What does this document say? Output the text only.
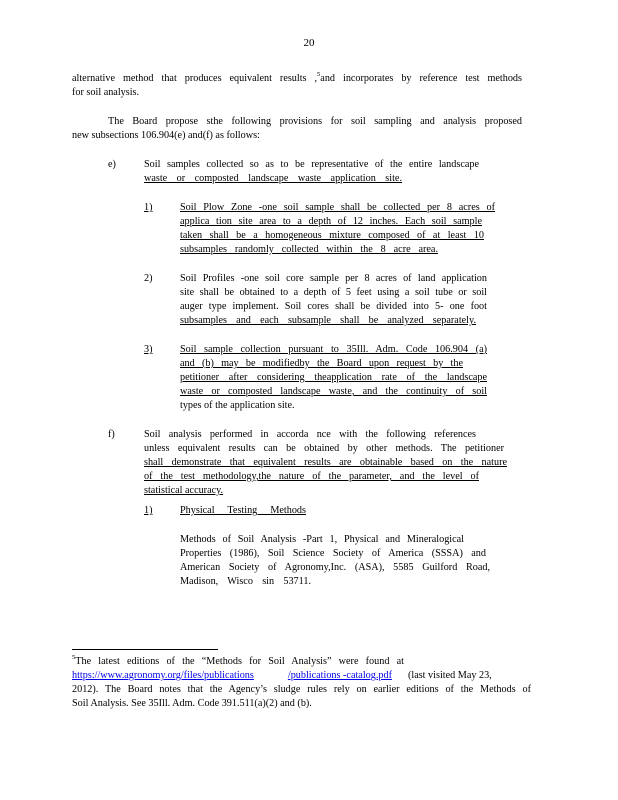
20
alternative method that produces equivalent results ,$^5$and incorporates by reference test methods
for soil analysis.
The Board propose sthe following provisions for soil sampling and analysis proposed
new subsections 106.904(e) and(f) as follows:
e)	Soil samples collected so as to be representative of the entire landscape
waste or composted landscape waste application site.
1)	Soil Plow Zone -one soil sample shall be collected per 8 acres of
applica tion site area to a depth of 12 inches. Each soil sample
taken shall be a homogeneous mixture composed of at least 10
subsamples randomly collected within the 8 acre area.
2)	Soil Profiles -one soil core sample per 8 acres of land application
site shall be obtained to a depth of 5 feet using a soil tube or soil
auger type implement. Soil cores shall be divided into 5- one foot
subsamples and each subsample shall be analyzed separately.
3)	Soil sample collection pursuant to 35Ill. Adm. Code 106.904 (a)
and (b) may be modifiedby the Board upon request by the
petitioner after considering theapplication rate of the landscape
waste or composted landscape waste, and the continuity of soil
types of the application site.
f)	Soil analysis performed in accorda nce with the following references
unless equivalent results can be obtained by other methods. The petitioner
shall demonstrate that equivalent results are obtainable based on the nature
of the test methodology,the nature of the parameter, and the level of
statistical accuracy.
1)	Physical Testing Methods
Methods of Soil Analysis -Part 1, Physical and Mineralogical
Properties (1986), Soil Science Society of America (SSSA) and
American Society of Agronomy,Inc. (ASA), 5585 Guilford Road,
Madison, Wisco sin 53711.
$^5$The latest editions of the “Methods for Soil Analysis” were found at
https://www.agronomy.org/files/publications	/publications -catalog.pdf (last visited May 23,
2012). The Board notes that the Agency’s sludge rules rely on earlier editions of the Methods of
Soil Analysis. See 35Ill. Adm. Code 391.511(a)(2) and (b).
